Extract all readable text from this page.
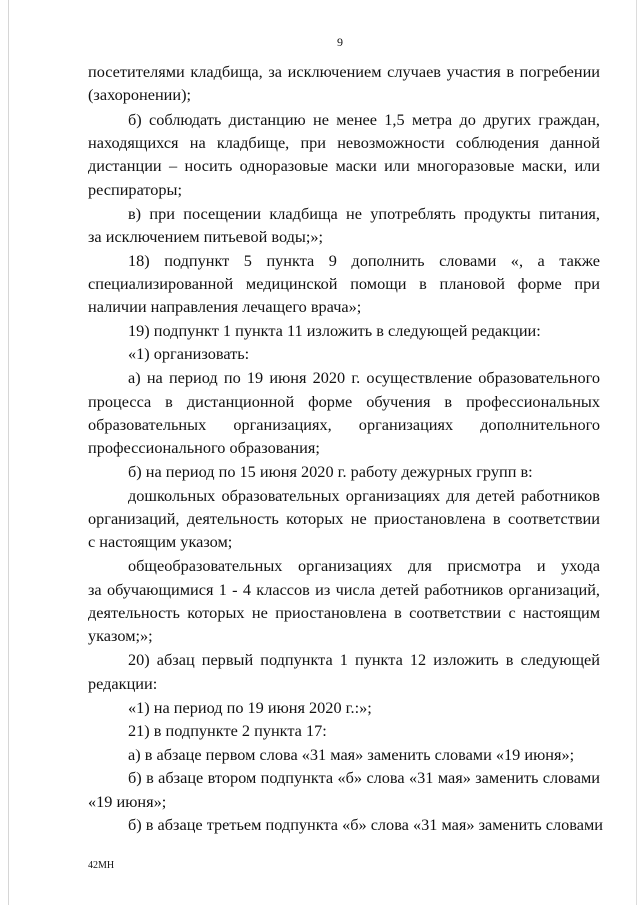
9
посетителями кладбища, за исключением случаев участия в погребении
(захоронении);
б) соблюдать дистанцию не менее 1,5 метра до других граждан,
находящихся на кладбище, при невозможности соблюдения данной
дистанции – носить одноразовые маски или многоразовые маски, или
респираторы;
в) при посещении кладбища не употреблять продукты питания,
за исключением питьевой воды;»;
18) подпункт 5 пункта 9 дополнить словами «, а также
специализированной медицинской помощи в плановой форме при
наличии направления лечащего врача»;
19) подпункт 1 пункта 11 изложить в следующей редакции:
«1) организовать:
а) на период по 19 июня 2020 г. осуществление образовательного
процесса в дистанционной форме обучения в профессиональных
образовательных организациях, организациях дополнительного
профессионального образования;
б) на период по 15 июня 2020 г. работу дежурных групп в:
дошкольных образовательных организациях для детей работников
организаций, деятельность которых не приостановлена в соответствии
с настоящим указом;
общеобразовательных организациях для присмотра и ухода
за обучающимися 1 - 4 классов из числа детей работников организаций,
деятельность которых не приостановлена в соответствии с настоящим
указом;»;
20) абзац первый подпункта 1 пункта 12 изложить в следующей
редакции:
«1) на период по 19 июня 2020 г.:»;
21) в подпункте 2 пункта 17:
а) в абзаце первом слова «31 мая» заменить словами «19 июня»;
б) в абзаце втором подпункта «б» слова «31 мая» заменить словами
«19 июня»;
б) в абзаце третьем подпункта «б» слова «31 мая» заменить словами
42МН
